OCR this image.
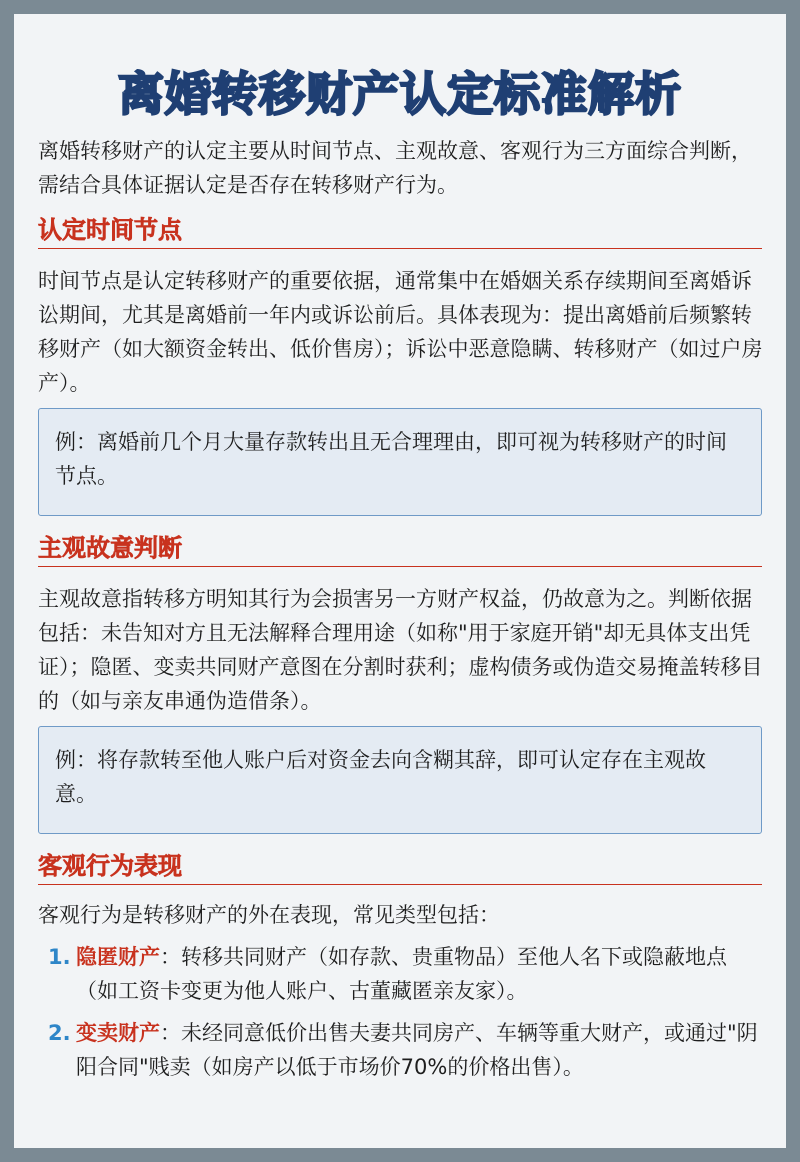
离婚转移财产认定标准解析

离婚转移财产的认定主要从时间节点、主观故意、客观行为三方面综合判断，需结合具体证据认定是否存在转移财产行为。

认定时间节点

时间节点是认定转移财产的重要依据，通常集中在婚姻关系存续期间至离婚诉讼期间，尤其是离婚前一年内或诉讼前后。具体表现为：提出离婚前后频繁转移财产（如大额资金转出、低价售房）；诉讼中恶意隐瞒、转移财产（如过户房产）。

例：离婚前几个月大量存款转出且无合理理由，即可视为转移财产的时间节点。
主观故意判断

主观故意指转移方明知其行为会损害另一方财产权益，仍故意为之。判断依据包括：未告知对方且无法解释合理用途（如称"用于家庭开销"却无具体支出凭证）；隐匿、变卖共同财产意图在分割时获利；虚构债务或伪造交易掩盖转移目的（如与亲友串通伪造借条）。

例：将存款转至他人账户后对资金去向含糊其辞，即可认定存在主观故意。
客观行为表现

客观行为是转移财产的外在表现，常见类型包括：

1. 隐匿财产：转移共同财产（如存款、贵重物品）至他人名下或隐蔽地点（如工资卡变更为他人账户、古董藏匿亲友家）。
2. 变卖财产：未经同意低价出售夫妻共同房产、车辆等重大财产，或通过"阴阳合同"贱卖（如房产以低于市场价70%的价格出售）。
